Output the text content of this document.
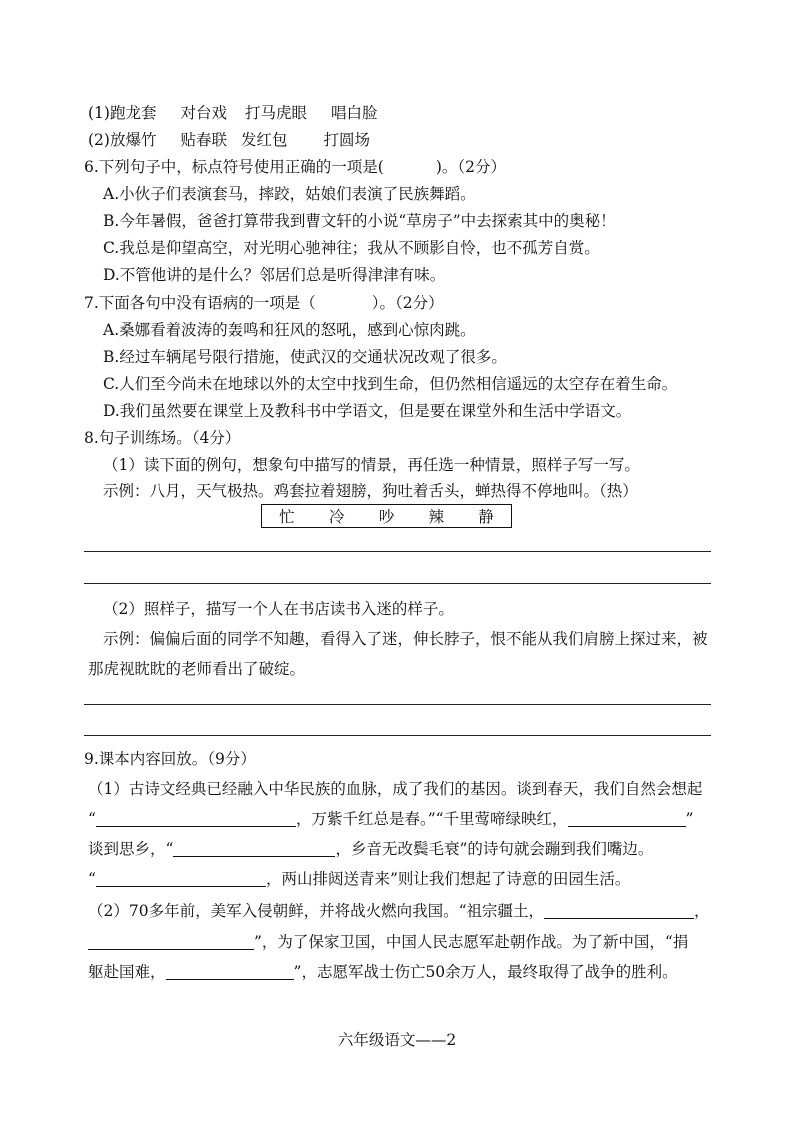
(1)跑龙套 对台戏 打马虎眼 唱白脸
(2)放爆竹 贴春联 发红包 打圆场
6.下列句子中，标点符号使用正确的一项是(	)。（2分）
A.小伙子们表演套马，摔跤，姑娘们表演了民族舞蹈。
B.今年暑假，爸爸打算带我到曹文轩的小说“草房子”中去探索其中的奥秘！
C.我总是仰望高空，对光明心驰神往；我从不顾影自怜，也不孤芳自赏。
D.不管他讲的是什么？邻居们总是听得津津有味。
7.下面各句中没有语病的一项是（	）。（2分）
A.桑娜看着波涛的轰鸣和狂风的怒吼，感到心惊肉跳。
B.经过车辆尾号限行措施，使武汉的交通状况改观了很多。
C.人们至今尚未在地球以外的太空中找到生命，但仍然相信遥远的太空存在着生命。
D.我们虽然要在课堂上及教科书中学语文，但是要在课堂外和生活中学语文。
8.句子训练场。（4分）
（1）读下面的例句，想象句中描写的情景，再任选一种情景，照样子写一写。
示例：八月，天气极热。鸡套拉着翅膀，狗吐着舌头，蝉热得不停地叫。（热）
忙 冷 吵 辣 静
（2）照样子，描写一个人在书店读书入迷的样子。
示例：偏偏后面的同学不知趣，看得入了迷，伸长脖子，恨不能从我们肩膀上探过来，被
那虎视眈眈的老师看出了破绽。
9.课本内容回放。（9分）
（1）古诗文经典已经融入中华民族的血脉，成了我们的基因。谈到春天，我们自然会想起
“	，万紫千红总是春。”“千里莺啼绿映红，	”
谈到思乡，“	，乡音无改鬓毛衰”的诗句就会蹦到我们嘴边。
“	，两山排闼送青来”则让我们想起了诗意的田园生活。
（2）70多年前，美军入侵朝鲜，并将战火燃向我国。“祖宗疆土，	，
”，为了保家卫国，中国人民志愿军赴朝作战。为了新中国，“捐
躯赴国难，	”，志愿军战士伤亡50余万人，最终取得了战争的胜利。
六年级语文——2
